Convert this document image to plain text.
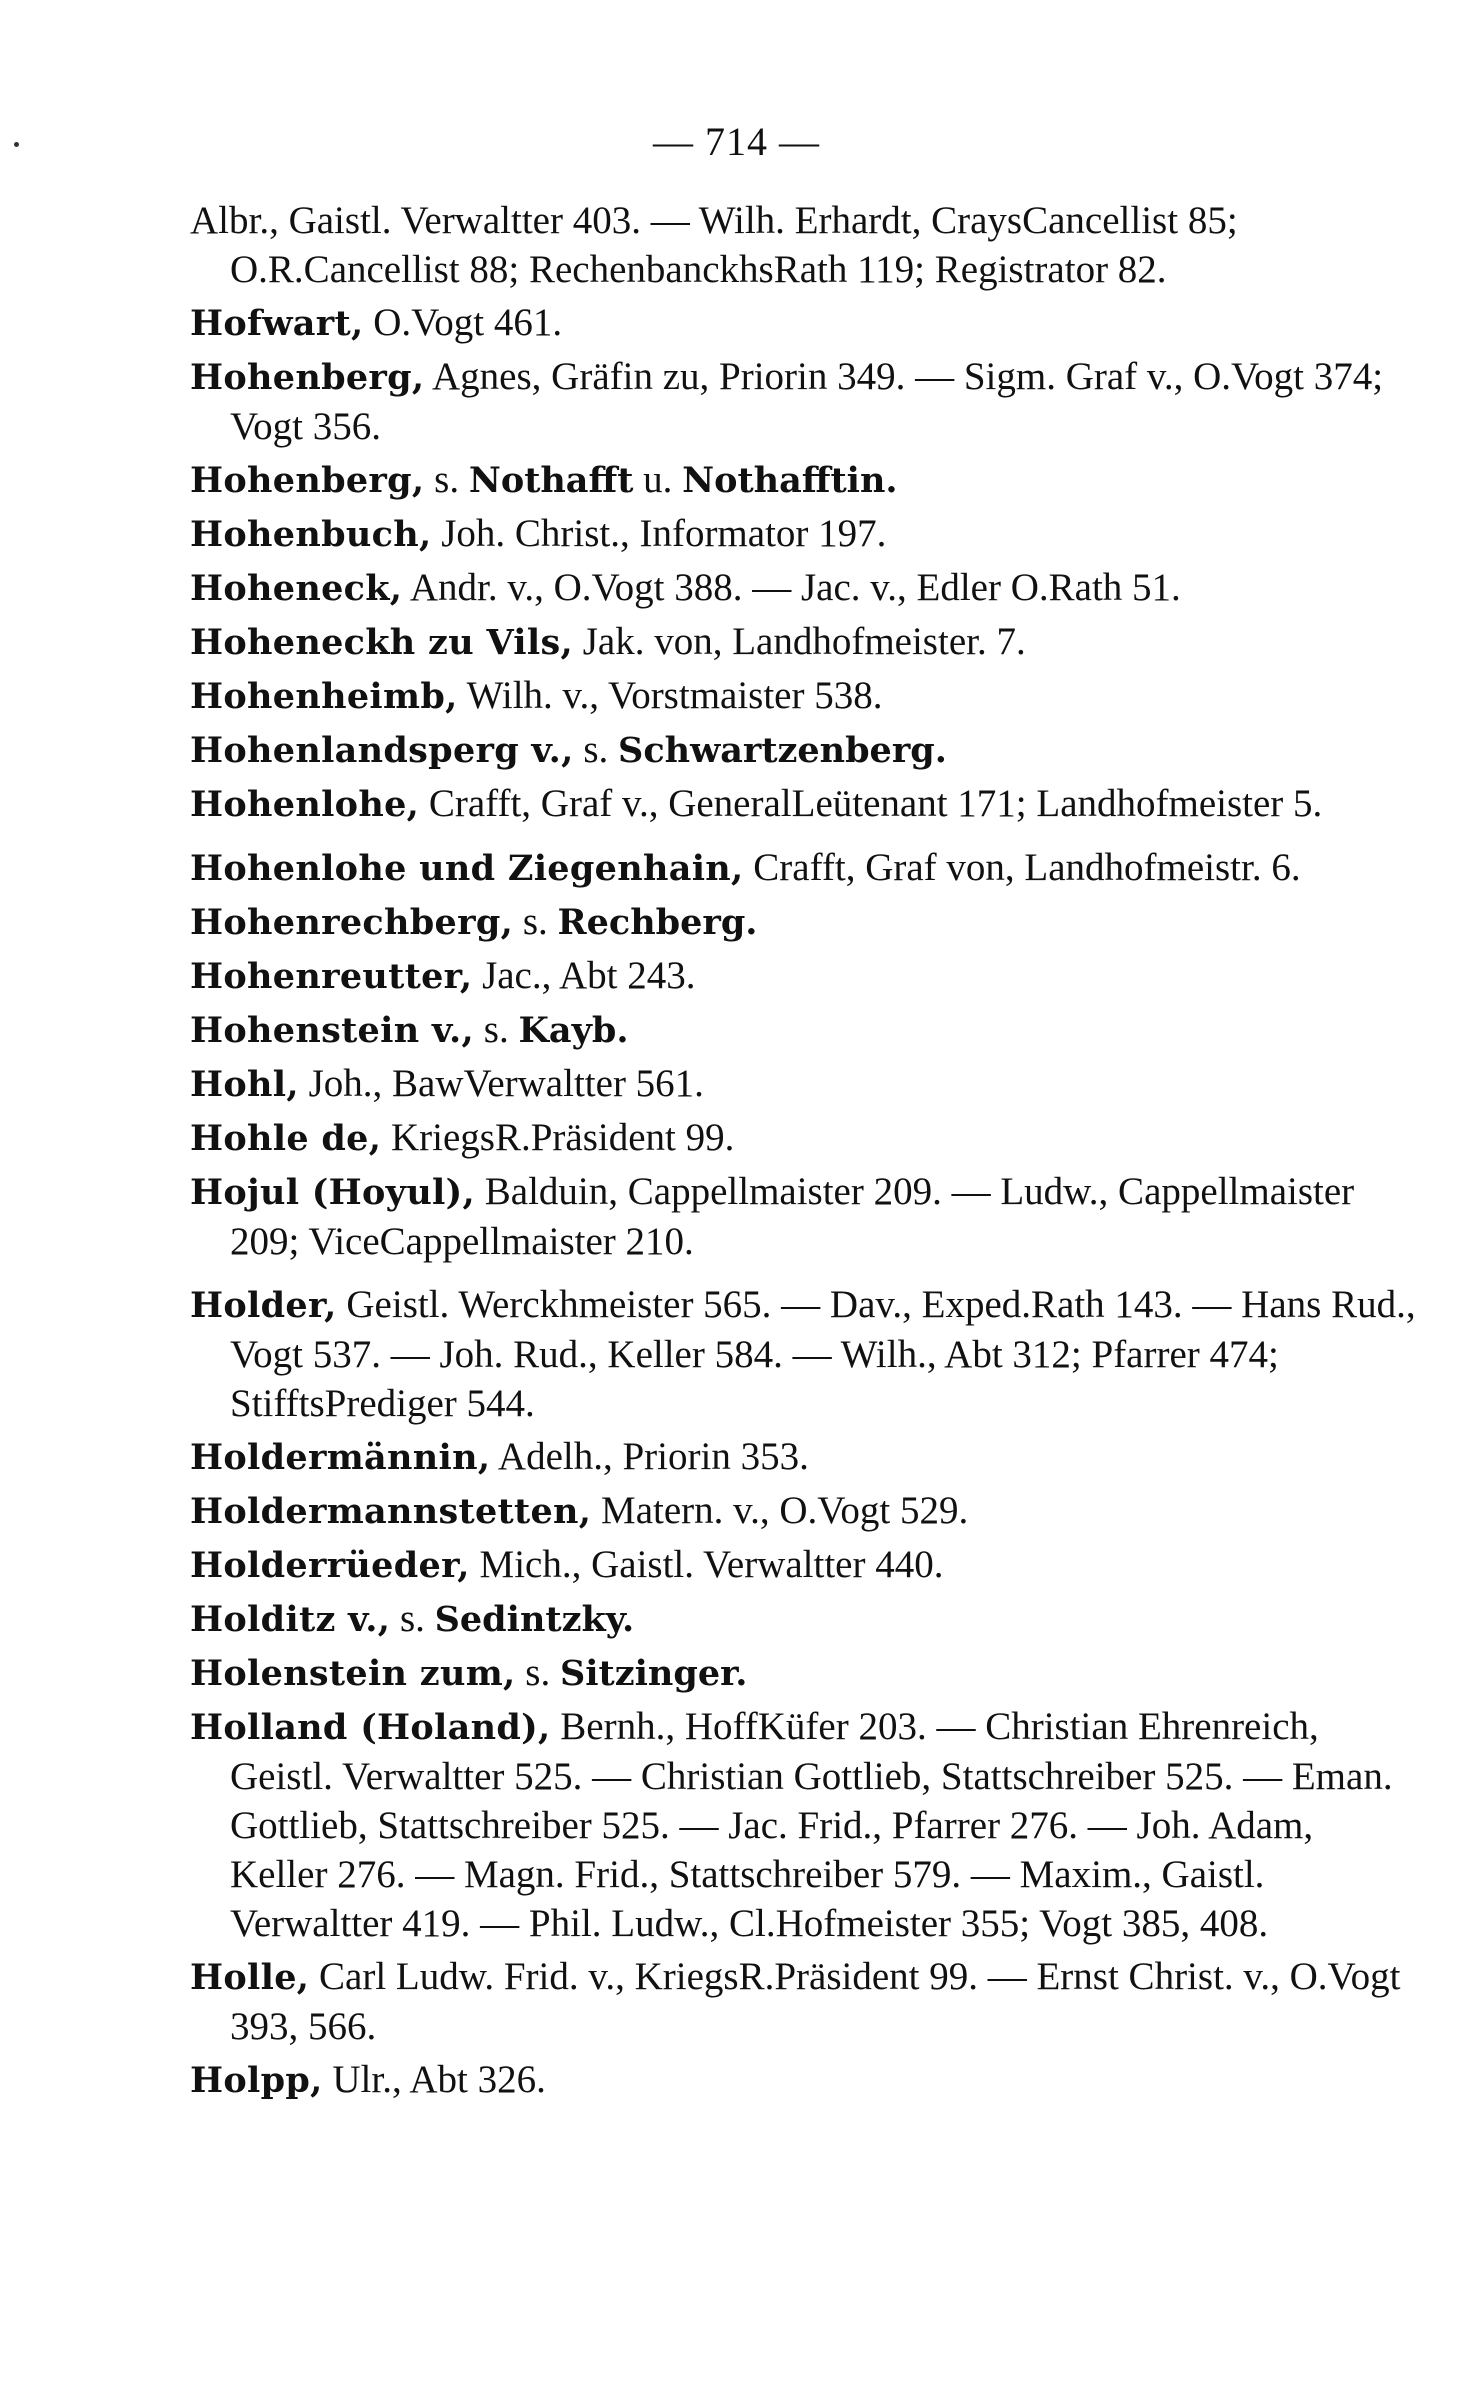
— 714 —

Albr., Gaistl. Verwaltter 403. — Wilh. Erhardt, CraysCancellist 85; O.R.Cancellist 88; RechenbanckhsRath 119; Registrator 82.

Hofwart, O.Vogt 461.

Hohenberg, Agnes, Gräfin zu, Priorin 349. — Sigm. Graf v., O.Vogt 374; Vogt 356.

Hohenberg, s. Nothafft u. Nothafftin.

Hohenbuch, Joh. Christ., Informator 197.

Hoheneck, Andr. v., O.Vogt 388. — Jac. v., Edler O.Rath 51.

Hoheneckh zu Vils, Jak. von, Landhofmeister. 7.

Hohenheimb, Wilh. v., Vorstmaister 538.

Hohenlandsperg v., s. Schwartzenberg.

Hohenlohe, Crafft, Graf v., GeneralLeütenant 171; Landhofmeister 5.

Hohenlohe und Ziegenhain, Crafft, Graf von, Landhofmeistr. 6.

Hohenrechberg, s. Rechberg.

Hohenreutter, Jac., Abt 243.

Hohenstein v., s. Kayb.

Hohl, Joh., BawVerwaltter 561.

Hohle de, KriegsR.Präsident 99.

Hojul (Hoyul), Balduin, Cappellmaister 209. — Ludw., Cappellmaister 209; ViceCappellmaister 210.

Holder, Geistl. Werckhmeister 565. — Dav., Exped.Rath 143. — Hans Rud., Vogt 537. — Joh. Rud., Keller 584. — Wilh., Abt 312; Pfarrer 474; StifftsPrediger 544.

Holdermännin, Adelh., Priorin 353.

Holdermannstetten, Matern. v., O.Vogt 529.

Holderrüeder, Mich., Gaistl. Verwaltter 440.

Holditz v., s. Sedintzky.

Holenstein zum, s. Sitzinger.

Holland (Holand), Bernh., HoffKüfer 203. — Christian Ehrenreich, Geistl. Verwaltter 525. — Christian Gottlieb, Stattschreiber 525. — Eman. Gottlieb, Stattschreiber 525. — Jac. Frid., Pfarrer 276. — Joh. Adam, Keller 276. — Magn. Frid., Stattschreiber 579. — Maxim., Gaistl. Verwaltter 419. — Phil. Ludw., Cl.Hofmeister 355; Vogt 385, 408.

Holle, Carl Ludw. Frid. v., KriegsR.Präsident 99. — Ernst Christ. v., O.Vogt 393, 566.

Holpp, Ulr., Abt 326.
